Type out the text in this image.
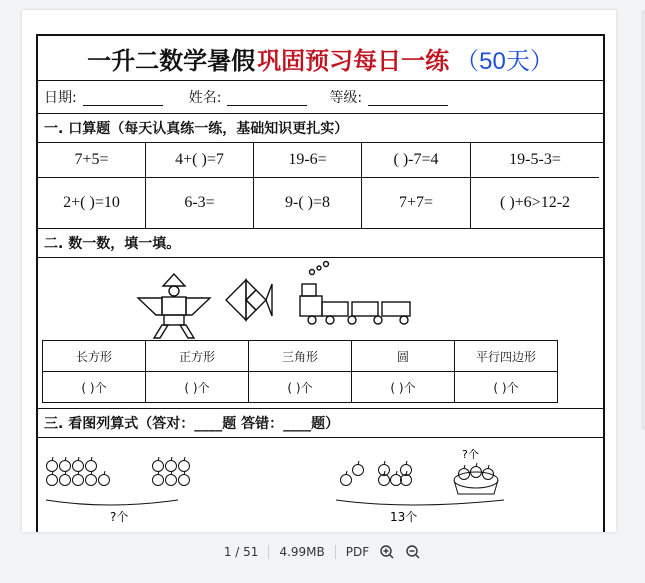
一升二数学暑假 巩固预习每日一练 （50天）
日期:	姓名:	等级:
一. 口算题（每天认真练一练，基础知识更扎实）
7+5=	4+( )=7	19-6=	( )-7=4	19-5-3=
2+( )=10	6-3=	9-( )=8	7+7=	( )+6>12-2
二. 数一数，填一填。
长方形	正方形	三角形	圆	平行四边形
( )个	( )个	( )个	( )个	( )个
三. 看图列算式（答对：____题 答错：____题）
?个
?个
13个
1 / 51 4.99MB PDF
